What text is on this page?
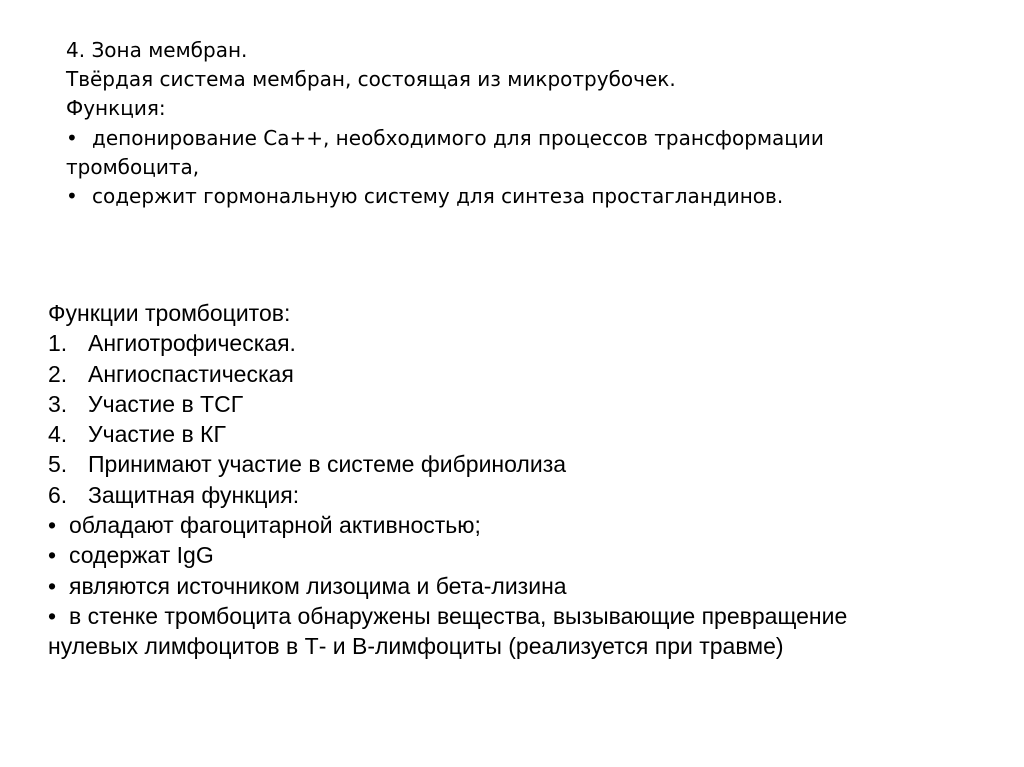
4. Зона мембран.
Твёрдая система мембран, состоящая из микротрубочек.
Функция:
• депонирование Са++, необходимого для процессов трансформации
тромбоцита,
• содержит гормональную систему для синтеза простагландинов.
Функции тромбоцитов:
1. Ангиотрофическая.
2. Ангиоспастическая
3. Участие в ТСГ
4. Участие в КГ
5. Принимают участие в системе фибринолиза
6. Защитная функция:
• обладают фагоцитарной активностью;
• содержат IgG
• являются источником лизоцима и бета-лизина
• в стенке тромбоцита обнаружены вещества, вызывающие превращение
нулевых лимфоцитов в Т- и В-лимфоциты (реализуется при травме)
